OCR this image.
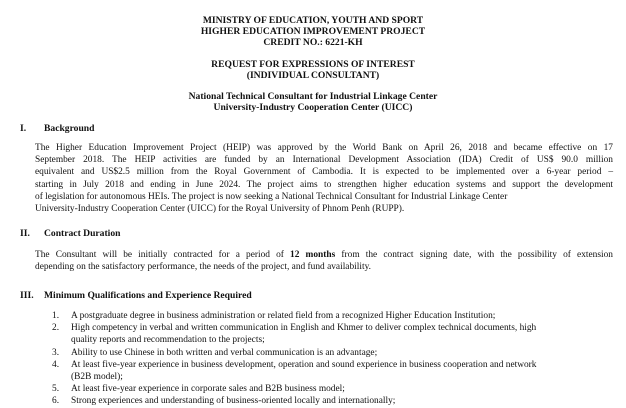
MINISTRY OF EDUCATION, YOUTH AND SPORT
HIGHER EDUCATION IMPROVEMENT PROJECT
CREDIT NO.: 6221-KH
REQUEST FOR EXPRESSIONS OF INTEREST
(INDIVIDUAL CONSULTANT)
National Technical Consultant for Industrial Linkage Center
University-Industry Cooperation Center (UICC)
I. Background
The Higher Education Improvement Project (HEIP) was approved by the World Bank on April 26, 2018 and became effective on 17
September 2018. The HEIP activities are funded by an International Development Association (IDA) Credit of US$ 90.0 million
equivalent and US$2.5 million from the Royal Government of Cambodia. It is expected to be implemented over a 6-year period –
starting in July 2018 and ending in June 2024. The project aims to strengthen higher education systems and support the development
of legislation for autonomous HEIs. The project is now seeking a National Technical Consultant for Industrial Linkage Center
University-Industry Cooperation Center (UICC) for the Royal University of Phnom Penh (RUPP).
II. Contract Duration
The Consultant will be initially contracted for a period of 12 months from the contract signing date, with the possibility of extension
depending on the satisfactory performance, the needs of the project, and fund availability.
III. Minimum Qualifications and Experience Required
1. A postgraduate degree in business administration or related field from a recognized Higher Education Institution;
2. High competency in verbal and written communication in English and Khmer to deliver complex technical documents, high
quality reports and recommendation to the projects;
3. Ability to use Chinese in both written and verbal communication is an advantage;
4. At least five-year experience in business development, operation and sound experience in business cooperation and network
(B2B model);
5. At least five-year experience in corporate sales and B2B business model;
6. Strong experiences and understanding of business-oriented locally and internationally;
